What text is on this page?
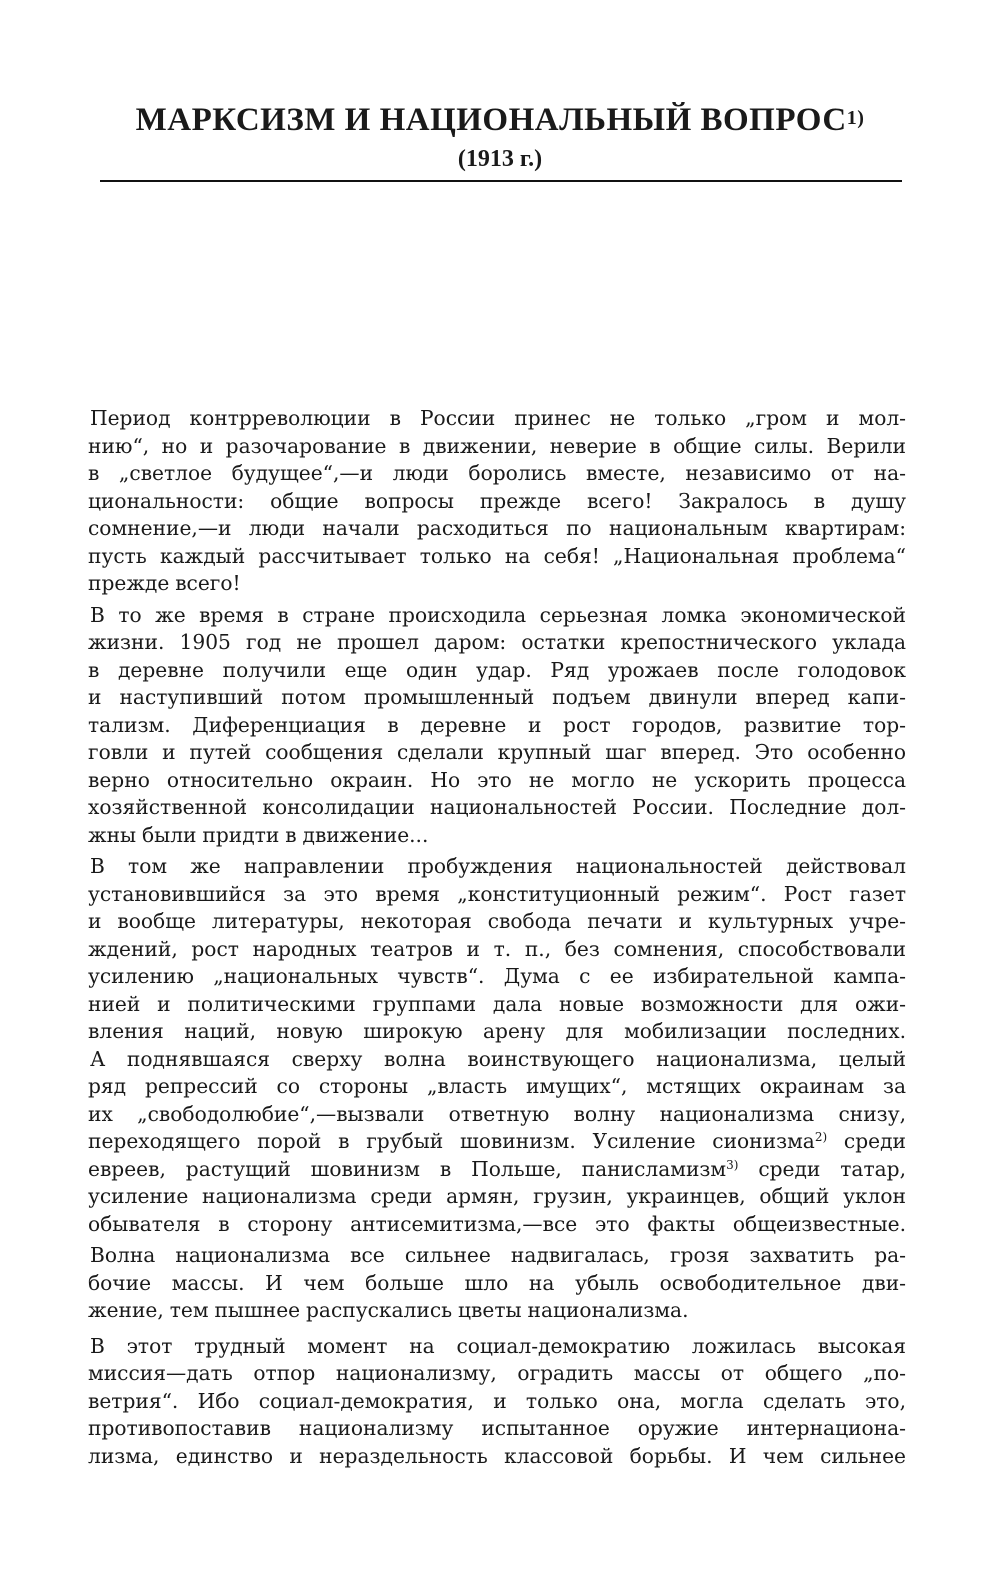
МАРКСИЗМ И НАЦИОНАЛЬНЫЙ ВОПРОС$^{1)}$
(1913 г.)

Период контрреволюции в России принес не только „гром и мол-
нию“, но и разочарование в движении, неверие в общие силы. Верили
в „светлое будущее“,—и люди боролись вместе, независимо от на-
циональности: общие вопросы прежде всего! Закралось в душу
сомнение,—и люди начали расходиться по национальным квартирам:
пусть каждый рассчитывает только на себя! „Национальная проблема“
прежде всего!

В то же время в стране происходила серьезная ломка экономической
жизни. 1905 год не прошел даром: остатки крепостнического уклада
в деревне получили еще один удар. Ряд урожаев после голодовок
и наступивший потом промышленный подъем двинули вперед капи-
тализм. Диференциация в деревне и рост городов, развитие тор-
говли и путей сообщения сделали крупный шаг вперед. Это особенно
верно относительно окраин. Но это не могло не ускорить процесса
хозяйственной консолидации национальностей России. Последние дол-
жны были придти в движение...

В том же направлении пробуждения национальностей действовал
установившийся за это время „конституционный режим“. Рост газет
и вообще литературы, некоторая свобода печати и культурных учре-
ждений, рост народных театров и т. п., без сомнения, способствовали
усилению „национальных чувств“. Дума с ее избирательной кампа-
нией и политическими группами дала новые возможности для ожи-
вления наций, новую широкую арену для мобилизации последних.

А поднявшаяся сверху волна воинствующего национализма, целый
ряд репрессий со стороны „власть имущих“, мстящих окраинам за
их „свободолюбие“,—вызвали ответную волну национализма снизу,
переходящего порой в грубый шовинизм. Усиление сионизма$^{2)}$ среди
евреев, растущий шовинизм в Польше, панисламизм$^{3)}$ среди татар,
усиление национализма среди армян, грузин, украинцев, общий уклон
обывателя в сторону антисемитизма,—все это факты общеизвестные.

Волна национализма все сильнее надвигалась, грозя захватить ра-
бочие массы. И чем больше шло на убыль освободительное дви-
жение, тем пышнее распускались цветы национализма.

В этот трудный момент на социал-демократию ложилась высокая
миссия—дать отпор национализму, оградить массы от общего „по-
ветрия“. Ибо социал-демократия, и только она, могла сделать это,
противопоставив национализму испытанное оружие интернациона-
лизма, единство и нераздельность классовой борьбы. И чем сильнее
